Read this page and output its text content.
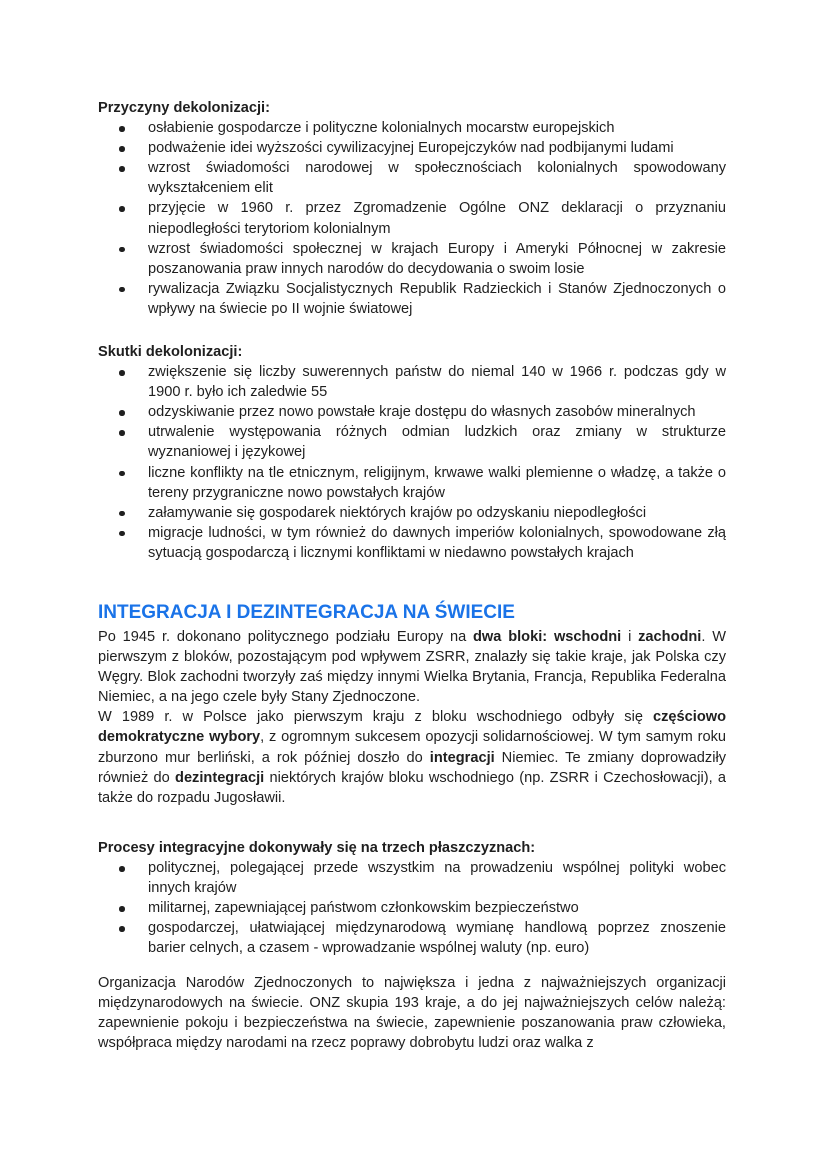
Przyczyny dekolonizacji:
osłabienie gospodarcze i polityczne kolonialnych mocarstw europejskich
podważenie idei wyższości cywilizacyjnej Europejczyków nad podbijanymi ludami
wzrost świadomości narodowej w społecznościach kolonialnych spowodowany wykształceniem elit
przyjęcie w 1960 r. przez Zgromadzenie Ogólne ONZ deklaracji o przyznaniu niepodległości terytoriom kolonialnym
wzrost świadomości społecznej w krajach Europy i Ameryki Północnej w zakresie poszanowania praw innych narodów do decydowania o swoim losie
rywalizacja Związku Socjalistycznych Republik Radzieckich i Stanów Zjednoczonych o wpływy na świecie po II wojnie światowej
Skutki dekolonizacji:
zwiększenie się liczby suwerennych państw do niemal 140 w 1966 r. podczas gdy w 1900 r. było ich zaledwie 55
odzyskiwanie przez nowo powstałe kraje dostępu do własnych zasobów mineralnych
utrwalenie występowania różnych odmian ludzkich oraz zmiany w strukturze wyznaniowej i językowej
liczne konflikty na tle etnicznym, religijnym, krwawe walki plemienne o władzę, a także o tereny przygraniczne nowo powstałych krajów
załamywanie się gospodarek niektórych krajów po odzyskaniu niepodległości
migracje ludności, w tym również do dawnych imperiów kolonialnych, spowodowane złą sytuacją gospodarczą i licznymi konfliktami w niedawno powstałych krajach
INTEGRACJA I DEZINTEGRACJA NA ŚWIECIE

Po 1945 r. dokonano politycznego podziału Europy na dwa bloki: wschodni i zachodni. W pierwszym z bloków, pozostającym pod wpływem ZSRR, znalazły się takie kraje, jak Polska czy Węgry. Blok zachodni tworzyły zaś między innymi Wielka Brytania, Francja, Republika Federalna Niemiec, a na jego czele były Stany Zjednoczone.

W 1989 r. w Polsce jako pierwszym kraju z bloku wschodniego odbyły się częściowo demokratyczne wybory, z ogromnym sukcesem opozycji solidarnościowej. W tym samym roku zburzono mur berliński, a rok później doszło do integracji Niemiec. Te zmiany doprowadziły również do dezintegracji niektórych krajów bloku wschodniego (np. ZSRR i Czechosłowacji), a także do rozpadu Jugosławii.

Procesy integracyjne dokonywały się na trzech płaszczyznach:
politycznej, polegającej przede wszystkim na prowadzeniu wspólnej polityki wobec innych krajów
militarnej, zapewniającej państwom członkowskim bezpieczeństwo
gospodarczej, ułatwiającej międzynarodową wymianę handlową poprzez znoszenie barier celnych, a czasem - wprowadzanie wspólnej waluty (np. euro)
Organizacja Narodów Zjednoczonych to największa i jedna z najważniejszych organizacji międzynarodowych na świecie. ONZ skupia 193 kraje, a do jej najważniejszych celów należą: zapewnienie pokoju i bezpieczeństwa na świecie, zapewnienie poszanowania praw człowieka, współpraca między narodami na rzecz poprawy dobrobytu ludzi oraz walka z
